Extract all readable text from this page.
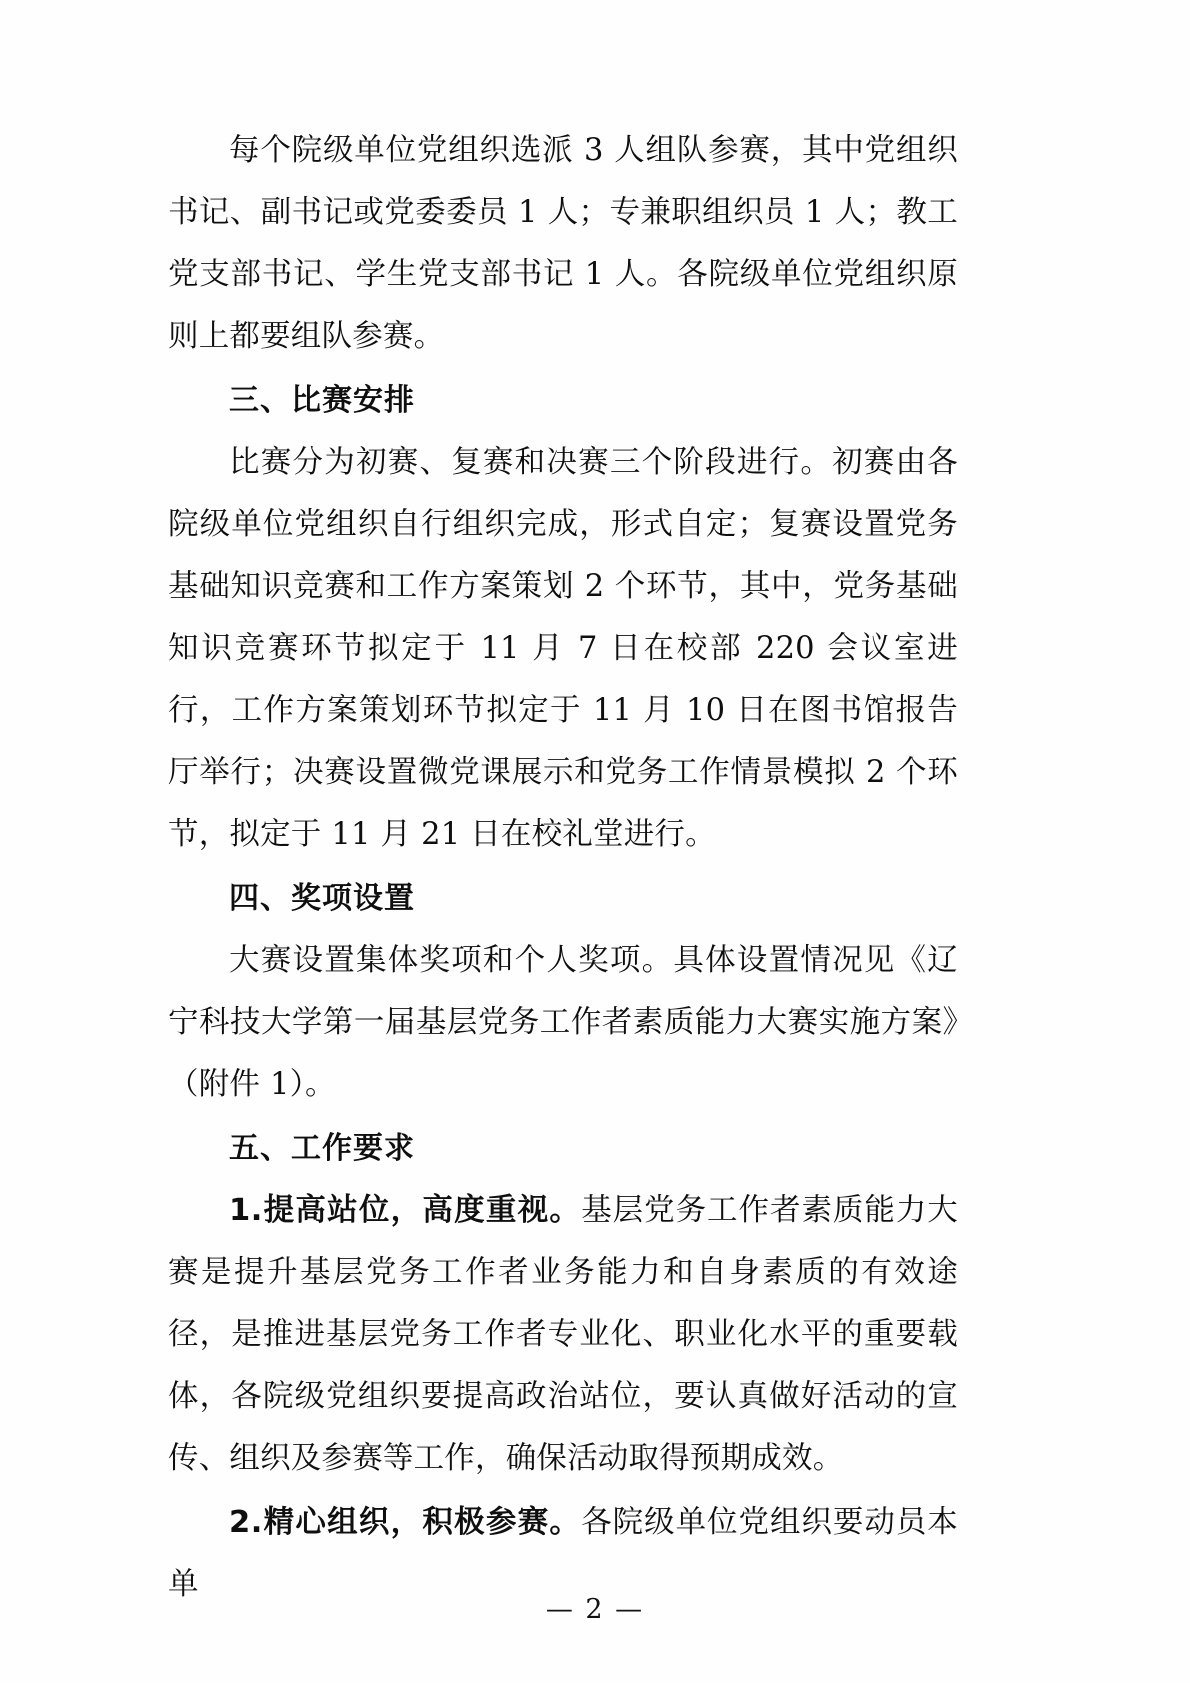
每个院级单位党组织选派 3 人组队参赛，其中党组织书记、副书记或党委委员 1 人；专兼职组织员 1 人；教工党支部书记、学生党支部书记 1 人。各院级单位党组织原则上都要组队参赛。

三、比赛安排

比赛分为初赛、复赛和决赛三个阶段进行。初赛由各院级单位党组织自行组织完成，形式自定；复赛设置党务基础知识竞赛和工作方案策划 2 个环节，其中，党务基础知识竞赛环节拟定于 11 月 7 日在校部 220 会议室进行，工作方案策划环节拟定于 11 月 10 日在图书馆报告厅举行；决赛设置微党课展示和党务工作情景模拟 2 个环节，拟定于 11 月 21 日在校礼堂进行。

四、奖项设置

大赛设置集体奖项和个人奖项。具体设置情况见《辽宁科技大学第一届基层党务工作者素质能力大赛实施方案》（附件 1）。

五、工作要求

1.提高站位，高度重视。基层党务工作者素质能力大赛是提升基层党务工作者业务能力和自身素质的有效途径，是推进基层党务工作者专业化、职业化水平的重要载体，各院级党组织要提高政治站位，要认真做好活动的宣传、组织及参赛等工作，确保活动取得预期成效。

2.精心组织，积极参赛。各院级单位党组织要动员本单

— 2 —
